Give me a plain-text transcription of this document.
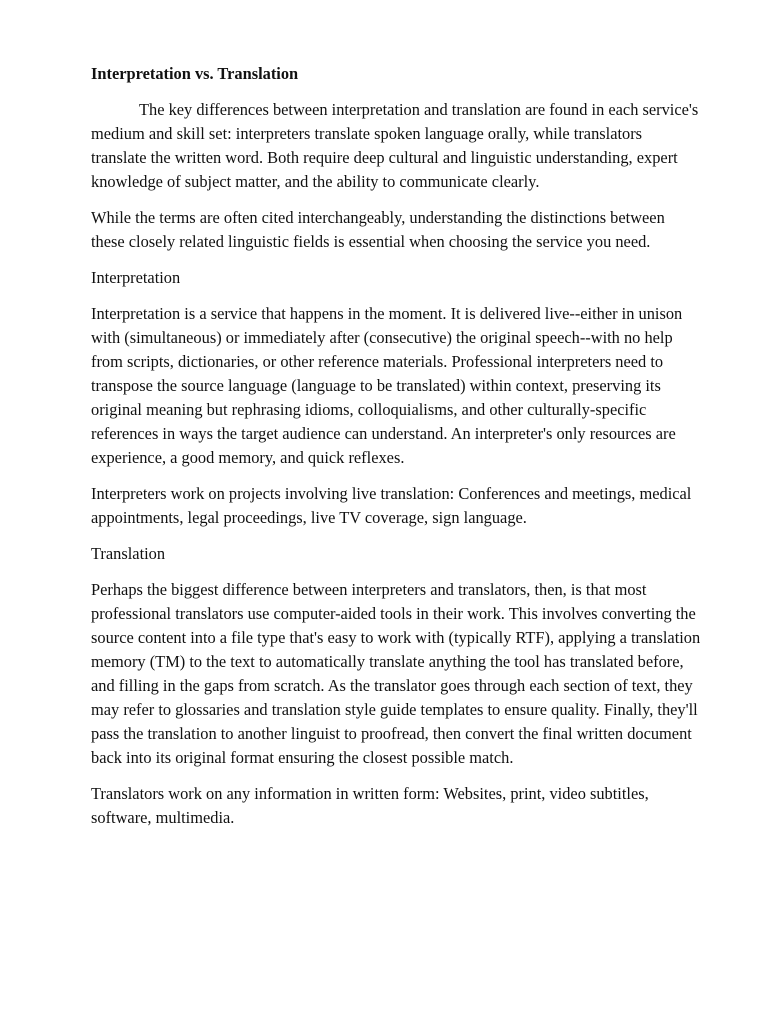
Interpretation vs. Translation

The key differences between interpretation and translation are found in each service's medium and skill set: interpreters translate spoken language orally, while translators translate the written word. Both require deep cultural and linguistic understanding, expert knowledge of subject matter, and the ability to communicate clearly.

While the terms are often cited interchangeably, understanding the distinctions between these closely related linguistic fields is essential when choosing the service you need.

Interpretation

Interpretation is a service that happens in the moment. It is delivered live--either in unison with (simultaneous) or immediately after (consecutive) the original speech--with no help from scripts, dictionaries, or other reference materials. Professional interpreters need to transpose the source language (language to be translated) within context, preserving its original meaning but rephrasing idioms, colloquialisms, and other culturally-specific references in ways the target audience can understand. An interpreter's only resources are experience, a good memory, and quick reflexes.

Interpreters work on projects involving live translation: Conferences and meetings, medical appointments, legal proceedings, live TV coverage, sign language.

Translation

Perhaps the biggest difference between interpreters and translators, then, is that most professional translators use computer-aided tools in their work. This involves converting the source content into a file type that's easy to work with (typically RTF), applying a translation memory (TM) to the text to automatically translate anything the tool has translated before, and filling in the gaps from scratch. As the translator goes through each section of text, they may refer to glossaries and translation style guide templates to ensure quality. Finally, they'll pass the translation to another linguist to proofread, then convert the final written document back into its original format ensuring the closest possible match.

Translators work on any information in written form: Websites, print, video subtitles, software, multimedia.
